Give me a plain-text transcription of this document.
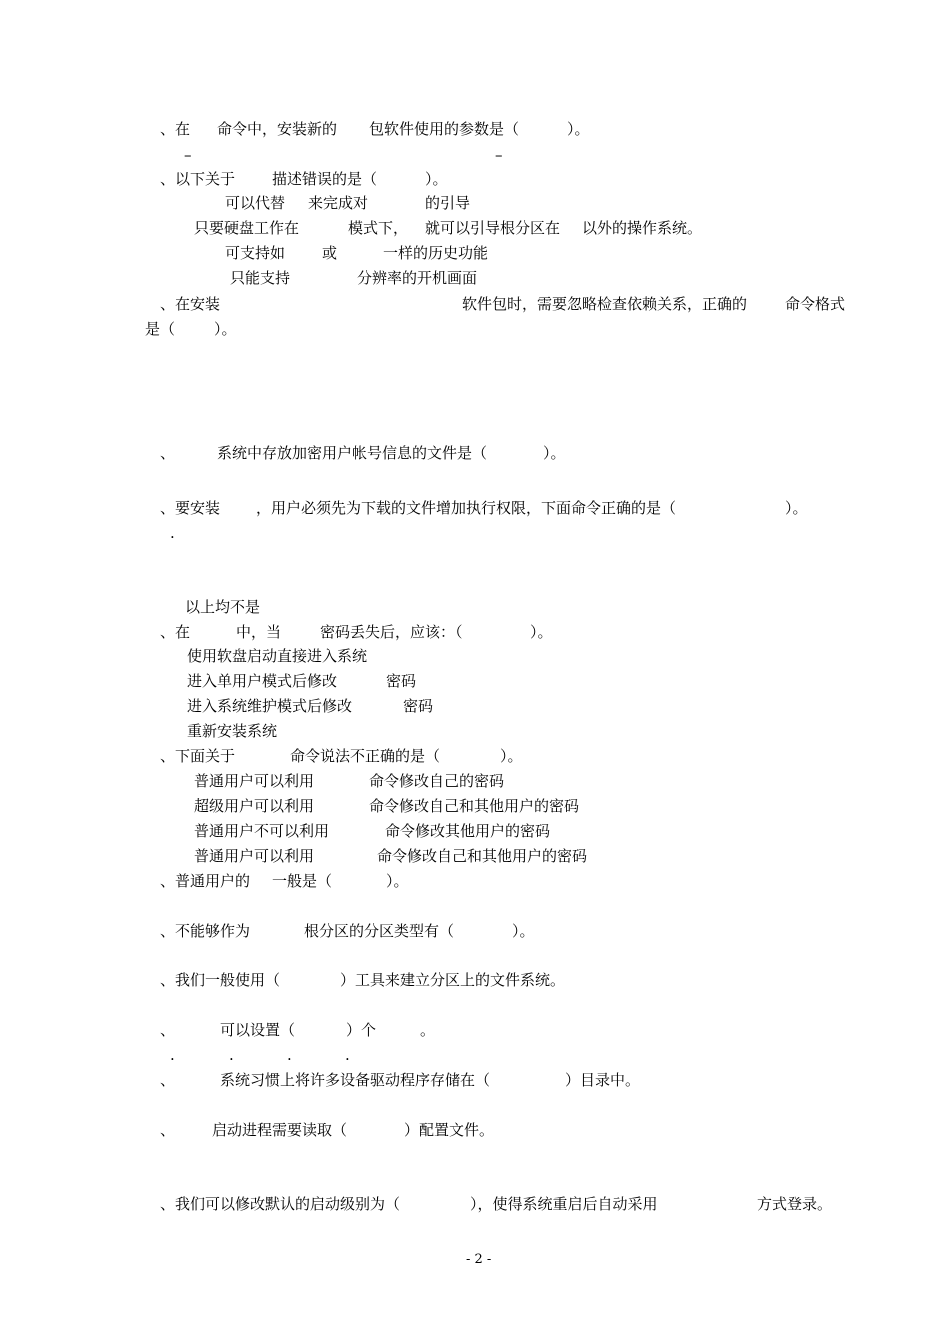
、在 命令中，安装新的 包软件使用的参数是（	）。

–	–

、以下关于 描述错误的是（	）。

可以代替 来完成对	的引导

只要硬盘工作在	模式下， 就可以引导根分区在 以外的操作系统。

可支持如 或	一样的历史功能

只能支持	分辨率的开机画面

、在安装	软件包时，需要忽略检查依赖关系，正确的	命令格式

是（	）。

、	系统中存放加密用户帐号信息的文件是（	）。

、要安装 ，用户必须先为下载的文件增加执行权限，下面命令正确的是（	）。

.

以上均不是

、在	中，当	密码丢失后，应该：（	）。

使用软盘启动直接进入系统

进入单用户模式后修改	密码

进入系统维护模式后修改	密码

重新安装系统

、下面关于	命令说法不正确的是（	）。

普通用户可以利用	命令修改自己的密码

超级用户可以利用	命令修改自己和其他用户的密码

普通用户不可以利用	命令修改其他用户的密码

普通用户可以利用	命令修改自己和其他用户的密码

、普通用户的 一般是（	）。

、不能够作为	根分区的分区类型有（	）。

、我们一般使用（	）工具来建立分区上的文件系统。

、	可以设置（	）个	。

.	.	.	.

、	系统习惯上将许多设备驱动程序存储在（	）目录中。

、 启动进程需要读取（	）配置文件。

、我们可以修改默认的启动级别为（	），使得系统重启后自动采用	方式登录。

- 2 -
